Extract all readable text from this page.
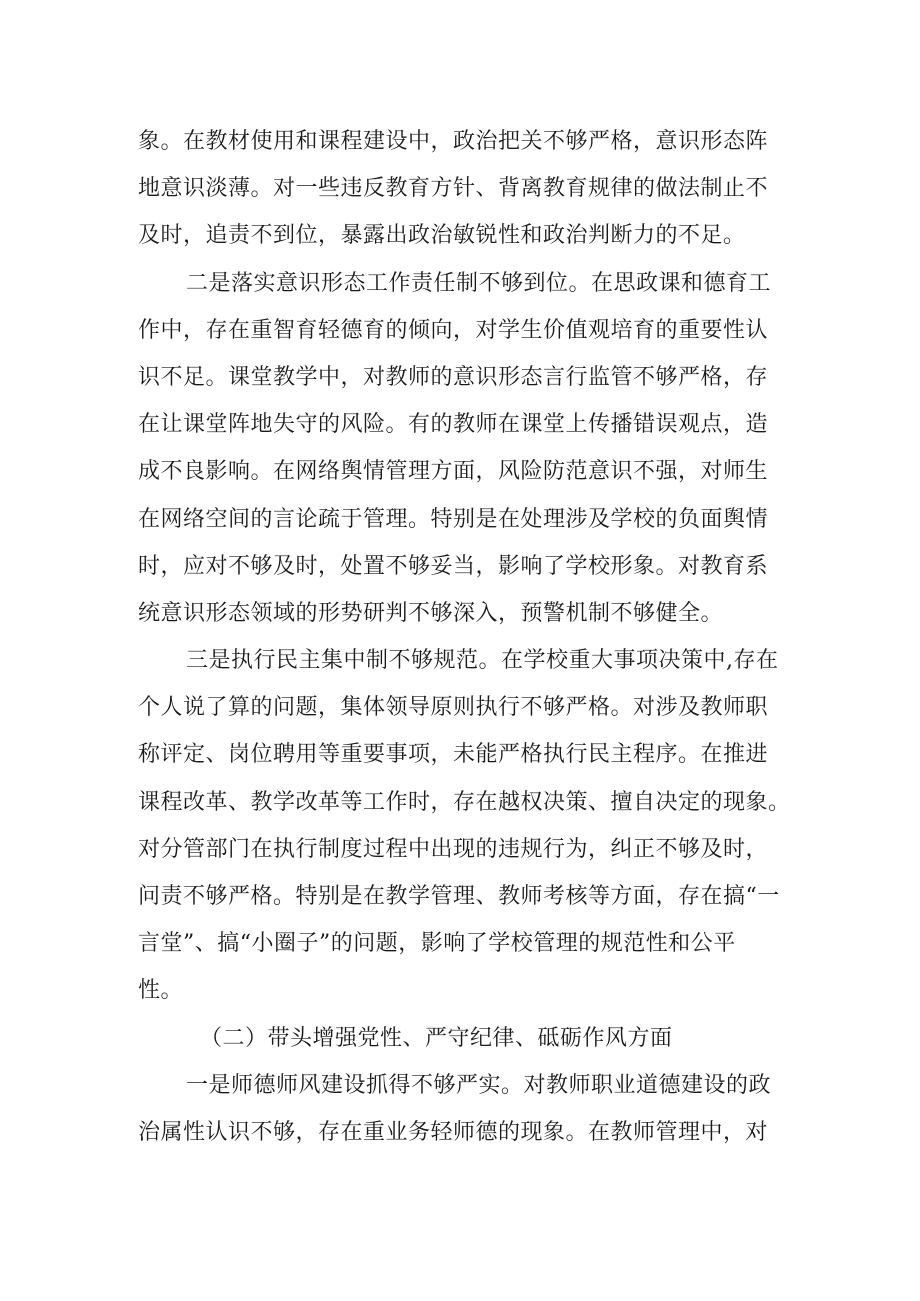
象。在教材使用和课程建设中，政治把关不够严格，意识形态阵
地意识淡薄。对一些违反教育方针、背离教育规律的做法制止不
及时，追责不到位，暴露出政治敏锐性和政治判断力的不足。
二是落实意识形态工作责任制不够到位。在思政课和德育工
作中，存在重智育轻德育的倾向，对学生价值观培育的重要性认
识不足。课堂教学中，对教师的意识形态言行监管不够严格，存
在让课堂阵地失守的风险。有的教师在课堂上传播错误观点，造
成不良影响。在网络舆情管理方面，风险防范意识不强，对师生
在网络空间的言论疏于管理。特别是在处理涉及学校的负面舆情
时，应对不够及时，处置不够妥当，影响了学校形象。对教育系
统意识形态领域的形势研判不够深入，预警机制不够健全。
三是执行民主集中制不够规范。在学校重大事项决策中,存在
个人说了算的问题，集体领导原则执行不够严格。对涉及教师职
称评定、岗位聘用等重要事项，未能严格执行民主程序。在推进
课程改革、教学改革等工作时，存在越权决策、擅自决定的现象。
对分管部门在执行制度过程中出现的违规行为，纠正不够及时，
问责不够严格。特别是在教学管理、教师考核等方面，存在搞“一
言堂”、搞“小圈子”的问题，影响了学校管理的规范性和公平
性。
（二）带头增强党性、严守纪律、砥砺作风方面
一是师德师风建设抓得不够严实。对教师职业道德建设的政
治属性认识不够，存在重业务轻师德的现象。在教师管理中，对
